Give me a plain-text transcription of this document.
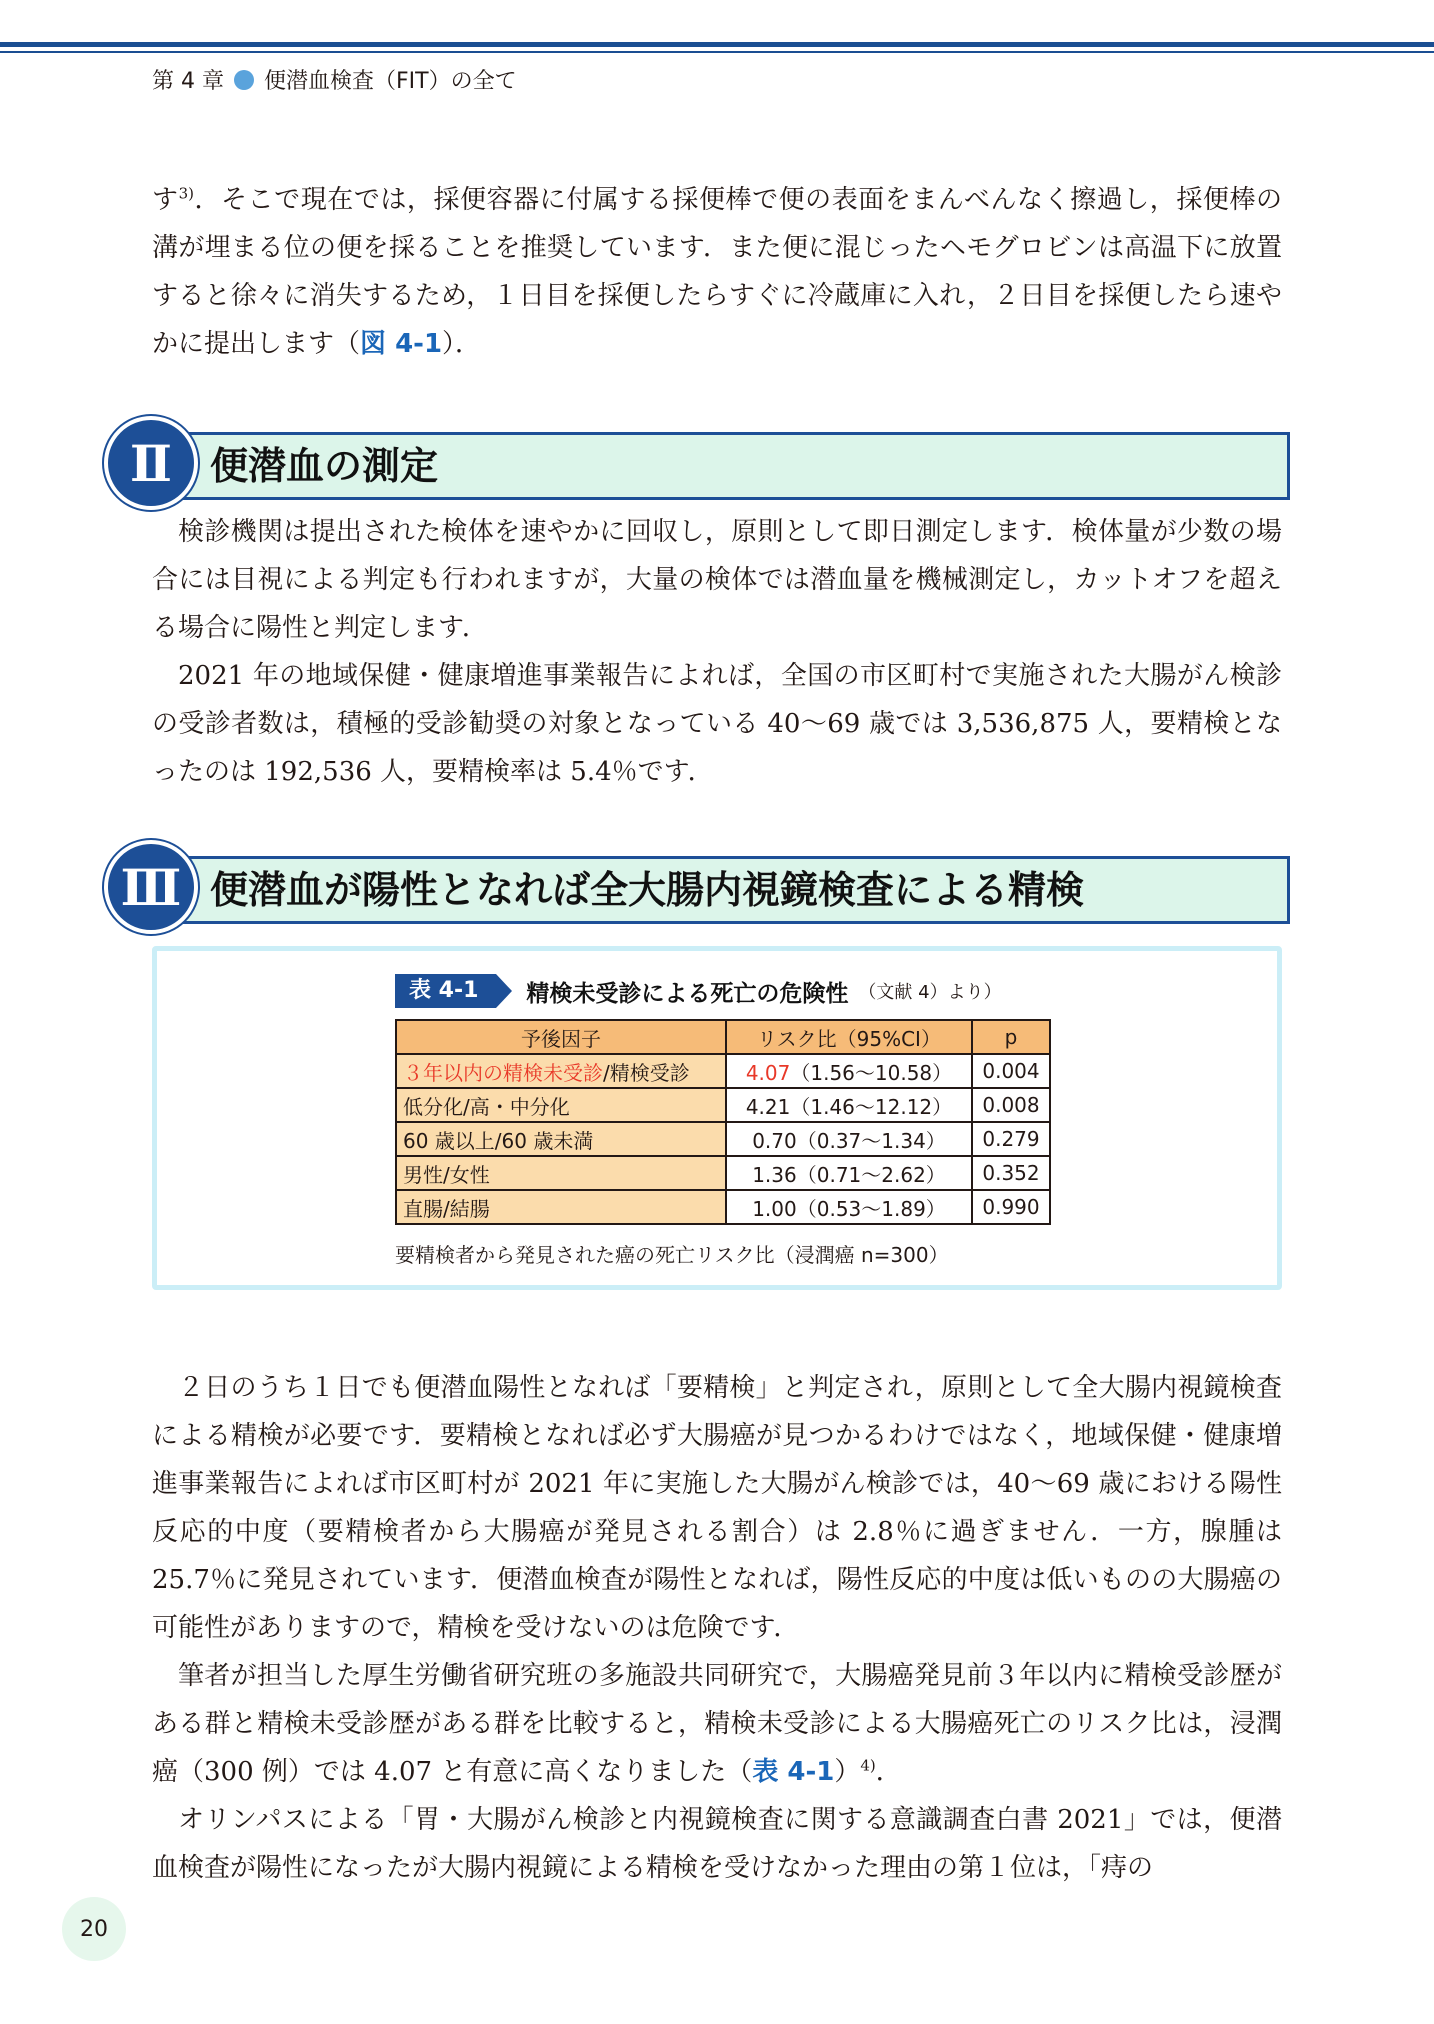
第 4 章 便潜血検査（FIT）の全て

す$^{3)}$．そこで現在では，採便容器に付属する採便棒で便の表面をまんべんなく擦過し，採便棒の溝が埋まる位の便を採ることを推奨しています．また便に混じったヘモグロビンは高温下に放置すると徐々に消失するため，１日目を採便したらすぐに冷蔵庫に入れ，２日目を採便したら速やかに提出します（図 4-1）．

Ⅱ 便潜血の測定

検診機関は提出された検体を速やかに回収し，原則として即日測定します．検体量が少数の場合には目視による判定も行われますが，大量の検体では潜血量を機械測定し，カットオフを超える場合に陽性と判定します．

2021 年の地域保健・健康増進事業報告によれば，全国の市区町村で実施された大腸がん検診の受診者数は，積極的受診勧奨の対象となっている 40〜69 歳では 3,536,875 人，要精検となったのは 192,536 人，要精検率は 5.4％です．

Ⅲ 便潜血が陽性となれば全大腸内視鏡検査による精検
表 4-1	精検未受診による死亡の危険性 （文献 4）より）
予後因子	リスク比（95%CI）	p
３年以内の精検未受診/精検受診	4.07（1.56〜10.58）	0.004
低分化/高・中分化	4.21（1.46〜12.12）	0.008
60 歳以上/60 歳未満	0.70（0.37〜1.34）	0.279
男性/女性	1.36（0.71〜2.62）	0.352
直腸/結腸	1.00（0.53〜1.89）	0.990
要精検者から発見された癌の死亡リスク比（浸潤癌 n=300）

２日のうち１日でも便潜血陽性となれば「要精検」と判定され，原則として全大腸内視鏡検査による精検が必要です．要精検となれば必ず大腸癌が見つかるわけではなく，地域保健・健康増進事業報告によれば市区町村が 2021 年に実施した大腸がん検診では，40〜69 歳における陽性反応的中度（要精検者から大腸癌が発見される割合）は 2.8％に過ぎません．一方，腺腫は 25.7％に発見されています．便潜血検査が陽性となれば，陽性反応的中度は低いものの大腸癌の可能性がありますので，精検を受けないのは危険です．

筆者が担当した厚生労働省研究班の多施設共同研究で，大腸癌発見前３年以内に精検受診歴がある群と精検未受診歴がある群を比較すると，精検未受診による大腸癌死亡のリスク比は，浸潤癌（300 例）では 4.07 と有意に高くなりました（表 4-1）$^{4)}$．

オリンパスによる「胃・大腸がん検診と内視鏡検査に関する意識調査白書 2021」では，便潜血検査が陽性になったが大腸内視鏡による精検を受けなかった理由の第１位は，「痔の

20
